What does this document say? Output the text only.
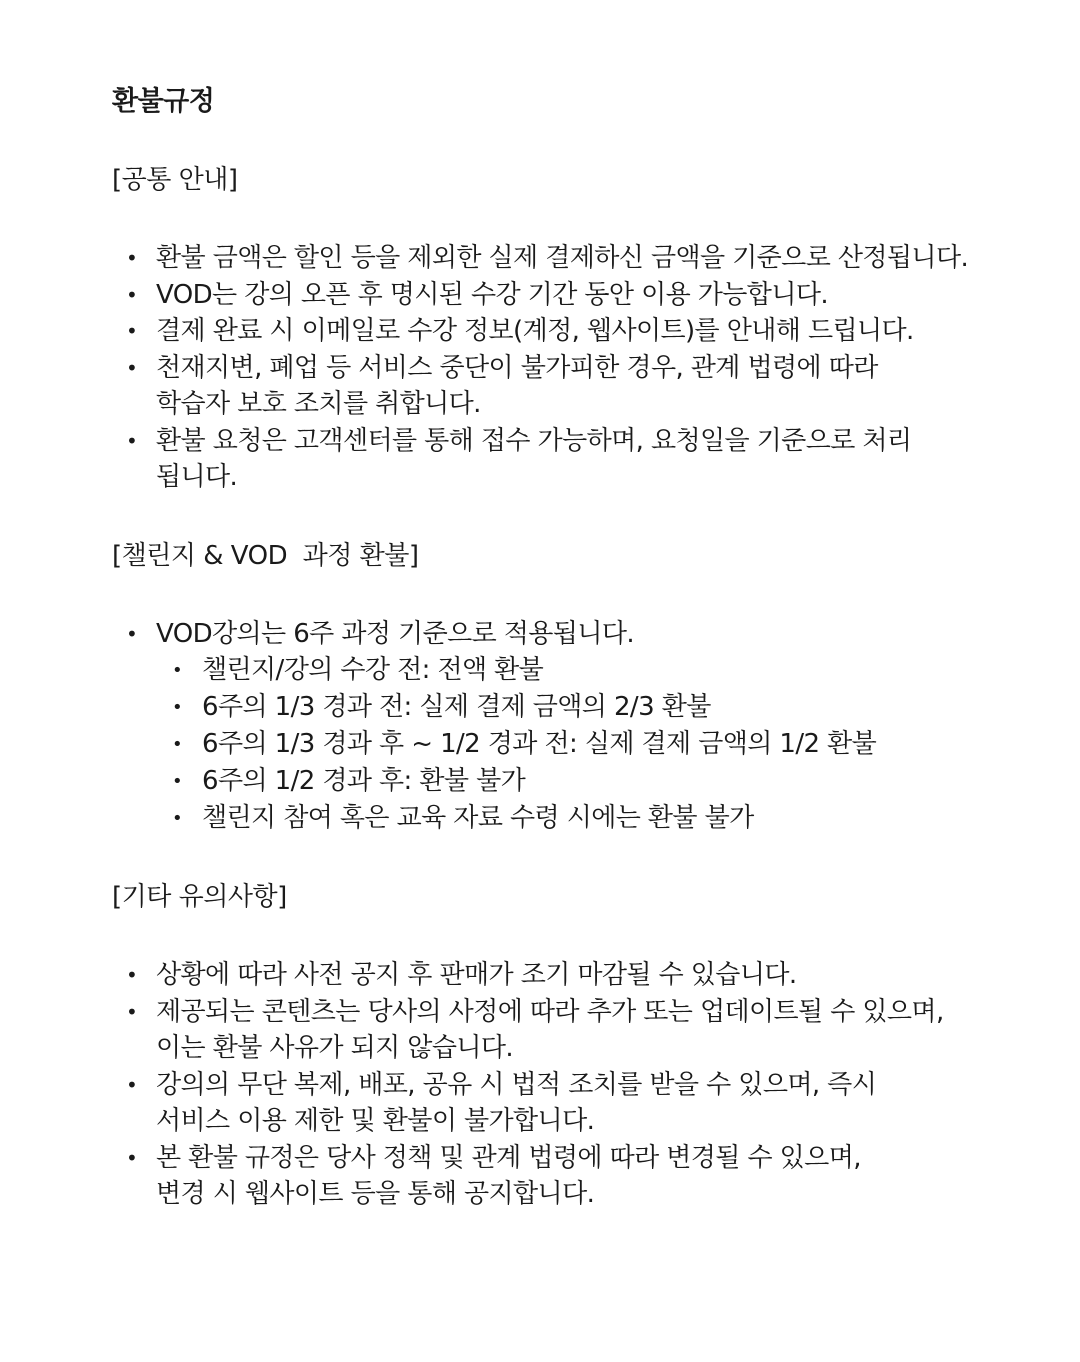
환불규정
[공통 안내]
• 환불 금액은 할인 등을 제외한 실제 결제하신 금액을 기준으로 산정됩니다.
• VOD는 강의 오픈 후 명시된 수강 기간 동안 이용 가능합니다.
• 결제 완료 시 이메일로 수강 정보(계정, 웹사이트)를 안내해 드립니다.
• 천재지변, 폐업 등 서비스 중단이 불가피한 경우, 관계 법령에 따라
학습자 보호 조치를 취합니다.
• 환불 요청은 고객센터를 통해 접수 가능하며, 요청일을 기준으로 처리
됩니다.
[챌린지 & VOD  과정 환불]
• VOD강의는 6주 과정 기준으로 적용됩니다.
• 챌린지/강의 수강 전: 전액 환불
• 6주의 1/3 경과 전: 실제 결제 금액의 2/3 환불
• 6주의 1/3 경과 후 ~ 1/2 경과 전: 실제 결제 금액의 1/2 환불
• 6주의 1/2 경과 후: 환불 불가
• 챌린지 참여 혹은 교육 자료 수령 시에는 환불 불가
[기타 유의사항]
• 상황에 따라 사전 공지 후 판매가 조기 마감될 수 있습니다.
• 제공되는 콘텐츠는 당사의 사정에 따라 추가 또는 업데이트될 수 있으며,
이는 환불 사유가 되지 않습니다.
• 강의의 무단 복제, 배포, 공유 시 법적 조치를 받을 수 있으며, 즉시
서비스 이용 제한 및 환불이 불가합니다.
• 본 환불 규정은 당사 정책 및 관계 법령에 따라 변경될 수 있으며,
변경 시 웹사이트 등을 통해 공지합니다.
